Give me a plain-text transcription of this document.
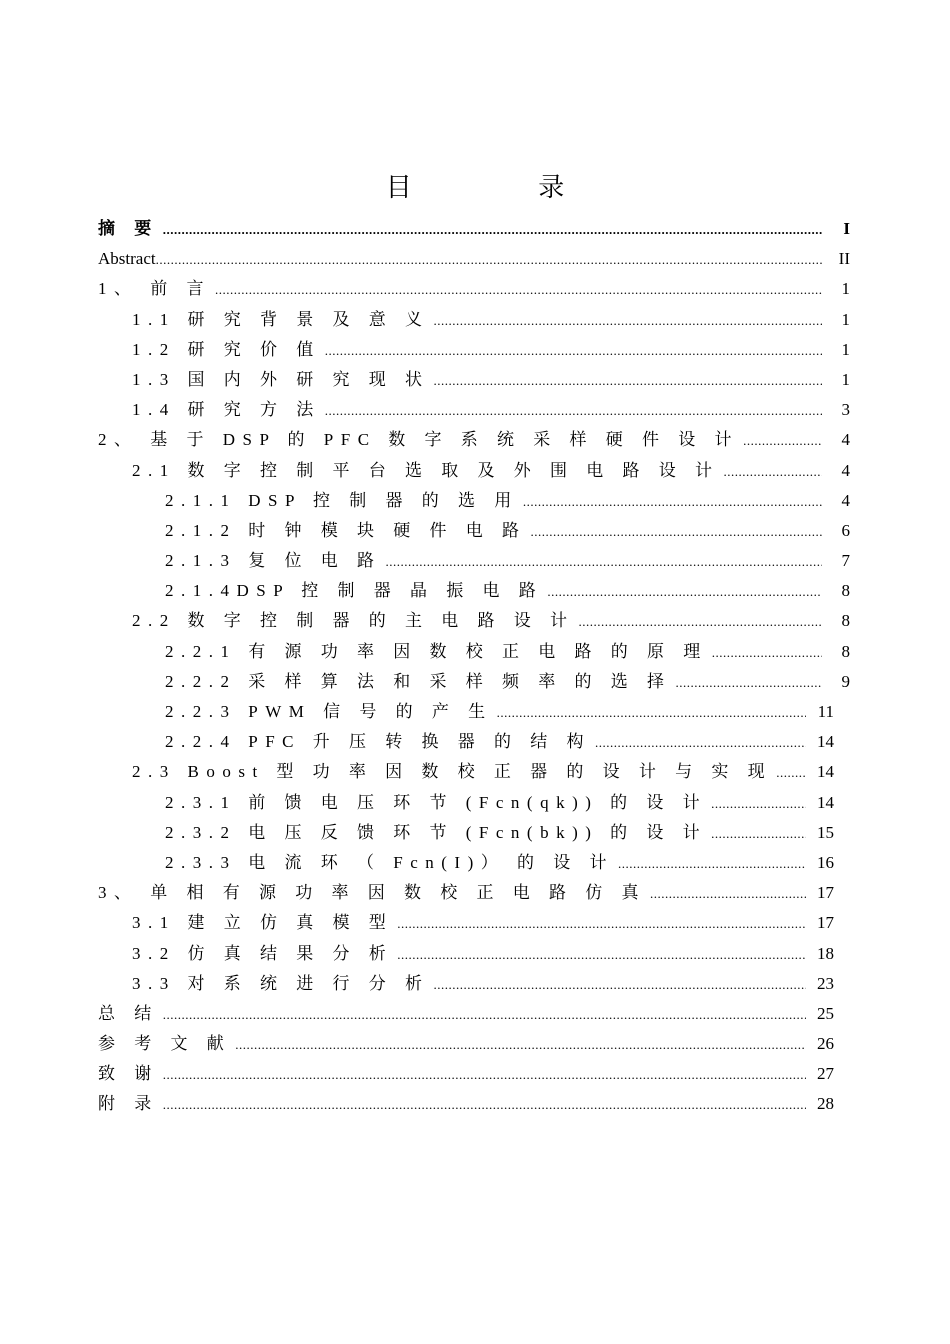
目 录
摘 要 .....	I
Abstract .....	II
1、 前 言 .....	1
1.1 研 究 背 景 及 意 义 .....	1
1.2 研 究 价 值 .....	1
1.3 国 内 外 研 究 现 状 .....	1
1.4 研 究 方 法 .....	3
2、 基 于 DSP 的 PFC 数 字 系 统 采 样 硬 件 设 计 .....	4
2.1 数 字 控 制 平 台 选 取 及 外 围 电 路 设 计 .....	4
2.1.1 DSP 控 制 器 的 选 用 .....	4
2.1.2 时 钟 模 块 硬 件 电 路 .....	6
2.1.3 复 位 电 路 .....	7
2.1.4DSP 控 制 器 晶 振 电 路 .....	8
2.2 数 字 控 制 器 的 主 电 路 设 计 .....	8
2.2.1 有 源 功 率 因 数 校 正 电 路 的 原 理 .....	8
2.2.2 采 样 算 法 和 采 样 频 率 的 选 择 .....	9
2.2.3 PWM 信 号 的 产 生 .....	11
2.2.4 PFC 升 压 转 换 器 的 结 构 .....	14
2.3 Boost 型 功 率 因 数 校 正 器 的 设 计 与 实 现 .....	14
2.3.1 前 馈 电 压 环 节 (Fcn(qk)) 的 设 计 .....	14
2.3.2 电 压 反 馈 环 节 (Fcn(bk)) 的 设 计 .....	15
2.3.3 电 流 环 （ Fcn(I)） 的 设 计 .....	16
3、 单 相 有 源 功 率 因 数 校 正 电 路 仿 真 .....	17
3.1 建 立 仿 真 模 型 .....	17
3.2 仿 真 结 果 分 析 .....	18
3.3 对 系 统 进 行 分 析 .....	23
总 结 .....	25
参 考 文 献 .....	26
致 谢 .....	27
附 录 .....	28
